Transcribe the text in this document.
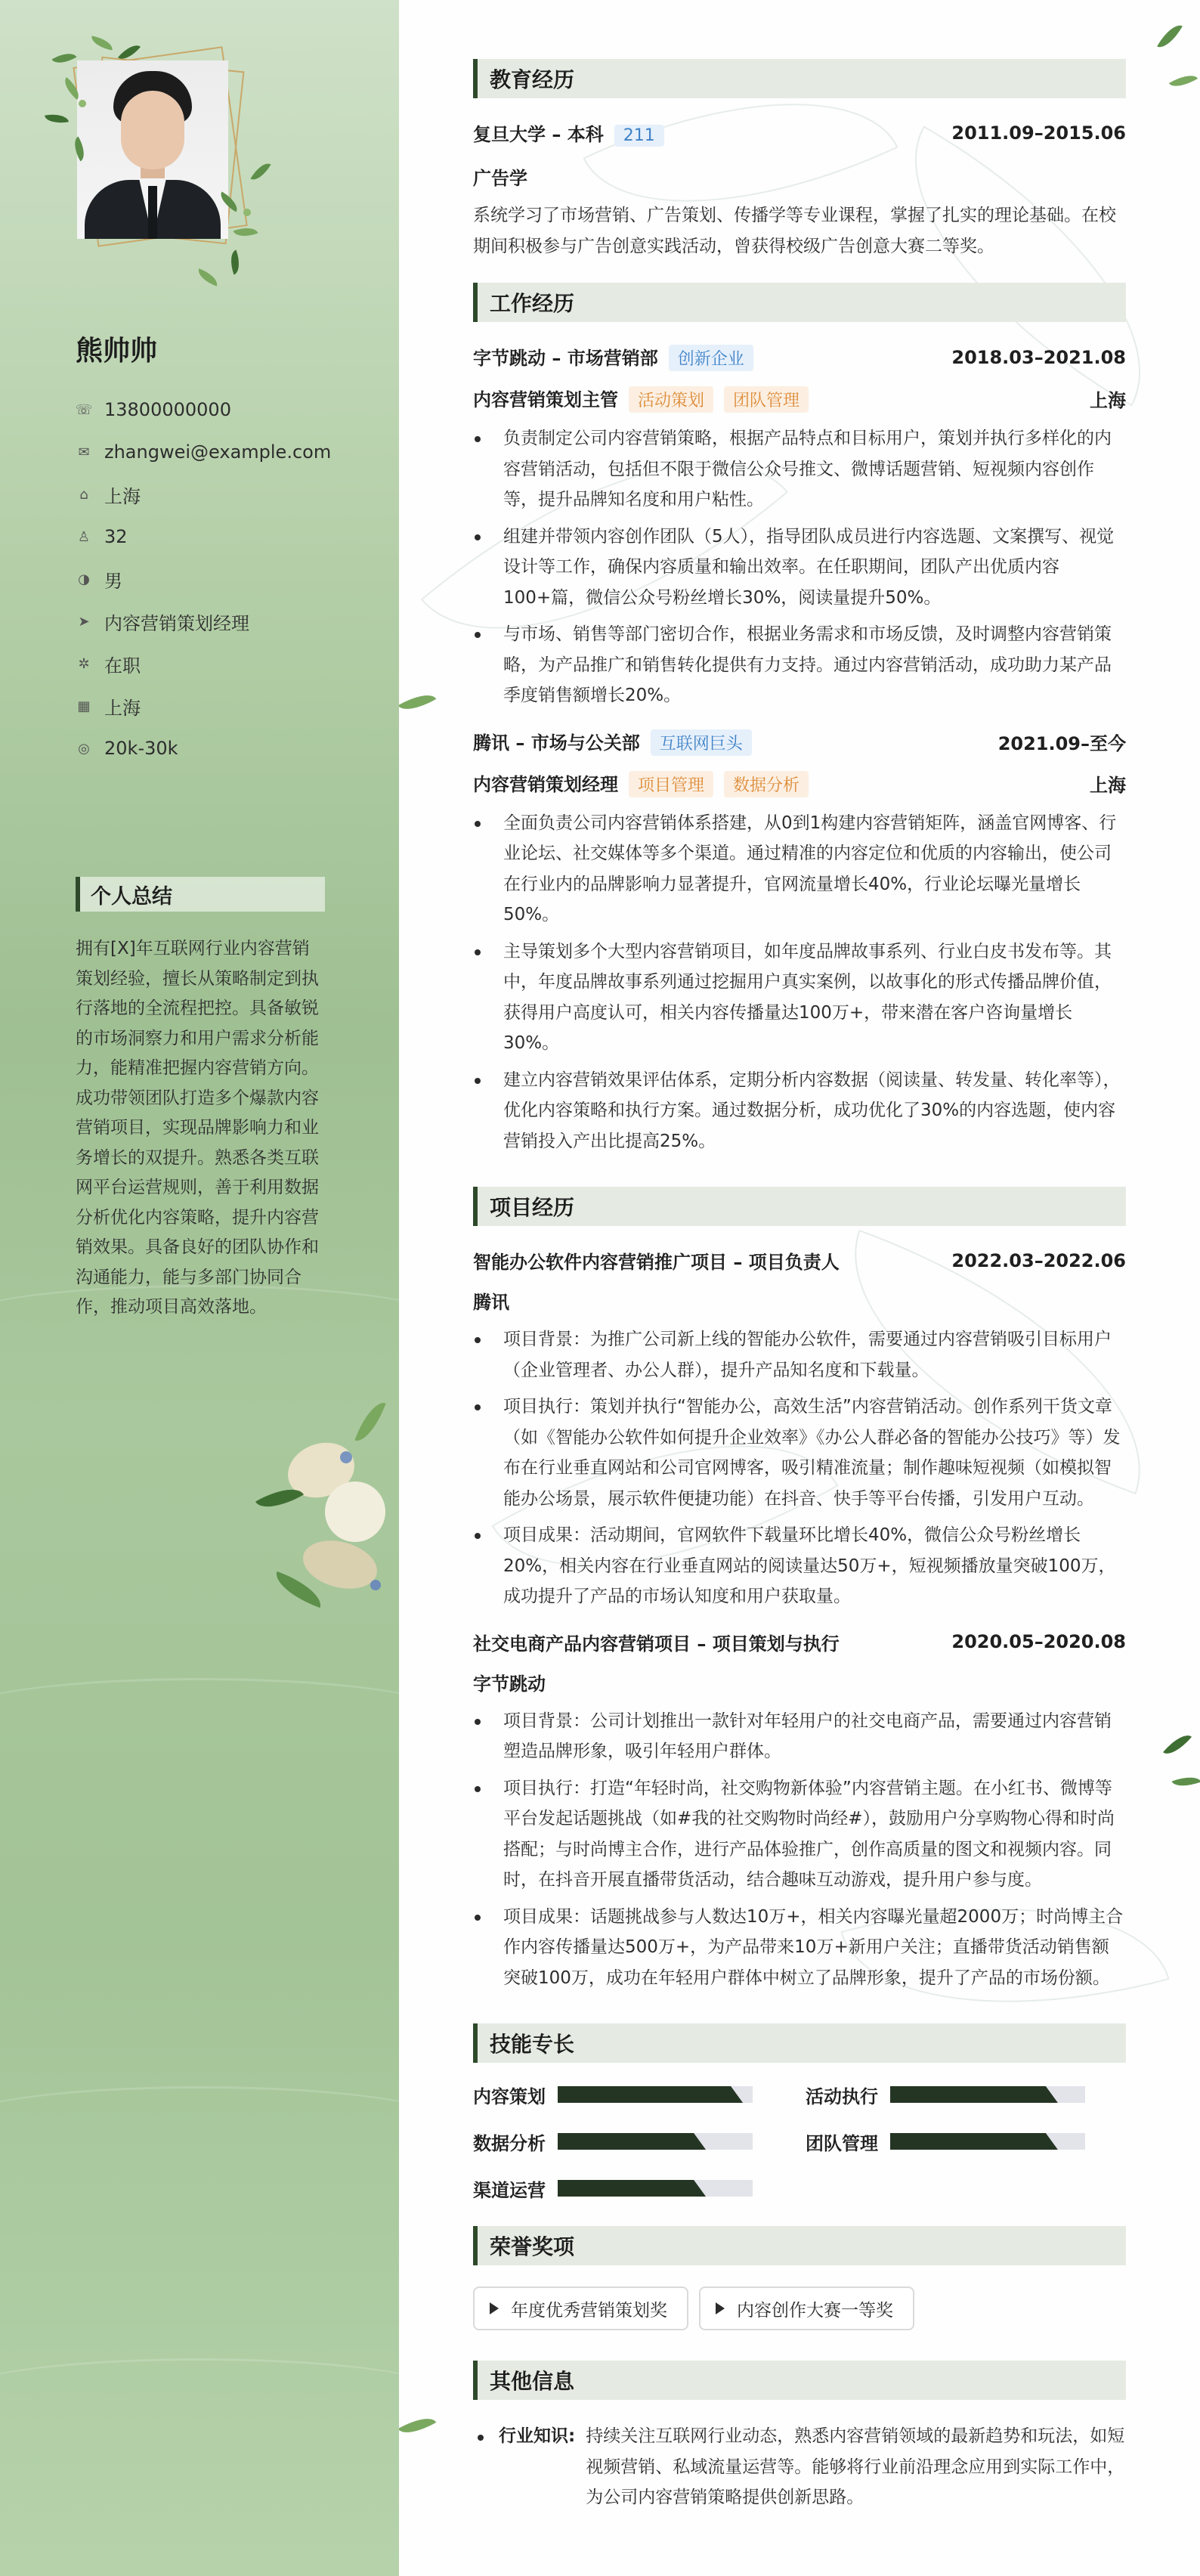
熊帅帅
☏ 13800000000
✉ zhangwei@example.com
⌂ 上海
♙ 32
◑ 男
➤ 内容营销策划经理
✲ 在职
▦ 上海
◎ 20k-30k
个人总结

拥有[X]年互联网行业内容营销策划经验，擅长从策略制定到执行落地的全流程把控。具备敏锐的市场洞察力和用户需求分析能力，能精准把握内容营销方向。成功带领团队打造多个爆款内容营销项目，实现品牌影响力和业务增长的双提升。熟悉各类互联网平台运营规则，善于利用数据分析优化内容策略，提升内容营销效果。具备良好的团队协作和沟通能力，能与多部门协同合作，推动项目高效落地。

教育经历
复旦大学 – 本科 211	2011.09–2015.06
广告学

系统学习了市场营销、广告策划、传播学等专业课程，掌握了扎实的理论基础。在校期间积极参与广告创意实践活动，曾获得校级广告创意大赛二等奖。

工作经历
字节跳动 – 市场营销部 创新企业	2018.03–2021.08
内容营销策划主管 活动策划 团队管理	上海
负责制定公司内容营销策略，根据产品特点和目标用户，策划并执行多样化的内容营销活动，包括但不限于微信公众号推文、微博话题营销、短视频内容创作等，提升品牌知名度和用户粘性。
组建并带领内容创作团队（5人），指导团队成员进行内容选题、文案撰写、视觉设计等工作，确保内容质量和输出效率。在任职期间，团队产出优质内容100+篇，微信公众号粉丝增长30%，阅读量提升50%。
与市场、销售等部门密切合作，根据业务需求和市场反馈，及时调整内容营销策略，为产品推广和销售转化提供有力支持。通过内容营销活动，成功助力某产品季度销售额增长20%。
腾讯 – 市场与公关部 互联网巨头	2021.09–至今
内容营销策划经理 项目管理 数据分析	上海
全面负责公司内容营销体系搭建，从0到1构建内容营销矩阵，涵盖官网博客、行业论坛、社交媒体等多个渠道。通过精准的内容定位和优质的内容输出，使公司在行业内的品牌影响力显著提升，官网流量增长40%，行业论坛曝光量增长50%。
主导策划多个大型内容营销项目，如年度品牌故事系列、行业白皮书发布等。其中，年度品牌故事系列通过挖掘用户真实案例，以故事化的形式传播品牌价值，获得用户高度认可，相关内容传播量达100万+，带来潜在客户咨询量增长30%。
建立内容营销效果评估体系，定期分析内容数据（阅读量、转发量、转化率等），优化内容策略和执行方案。通过数据分析，成功优化了30%的内容选题，使内容营销投入产出比提高25%。
项目经历
智能办公软件内容营销推广项目 – 项目负责人	2022.03–2022.06
腾讯
项目背景：为推广公司新上线的智能办公软件，需要通过内容营销吸引目标用户（企业管理者、办公人群），提升产品知名度和下载量。
项目执行：策划并执行“智能办公，高效生活”内容营销活动。创作系列干货文章（如《智能办公软件如何提升企业效率》《办公人群必备的智能办公技巧》等）发布在行业垂直网站和公司官网博客，吸引精准流量；制作趣味短视频（如模拟智能办公场景，展示软件便捷功能）在抖音、快手等平台传播，引发用户互动。
项目成果：活动期间，官网软件下载量环比增长40%，微信公众号粉丝增长20%，相关内容在行业垂直网站的阅读量达50万+，短视频播放量突破100万，成功提升了产品的市场认知度和用户获取量。
社交电商产品内容营销项目 – 项目策划与执行	2020.05–2020.08
字节跳动
项目背景：公司计划推出一款针对年轻用户的社交电商产品，需要通过内容营销塑造品牌形象，吸引年轻用户群体。
项目执行：打造“年轻时尚，社交购物新体验”内容营销主题。在小红书、微博等平台发起话题挑战（如#我的社交购物时尚经#），鼓励用户分享购物心得和时尚搭配；与时尚博主合作，进行产品体验推广，创作高质量的图文和视频内容。同时，在抖音开展直播带货活动，结合趣味互动游戏，提升用户参与度。
项目成果：话题挑战参与人数达10万+，相关内容曝光量超2000万；时尚博主合作内容传播量达500万+，为产品带来10万+新用户关注；直播带货活动销售额突破100万，成功在年轻用户群体中树立了品牌形象，提升了产品的市场份额。
技能专长
内容策划	活动执行
数据分析	团队管理
渠道运营
荣誉奖项
年度优秀营销策划奖	内容创作大赛一等奖
其他信息
行业知识: 持续关注互联网行业动态，熟悉内容营销领域的最新趋势和玩法，如短视频营销、私域流量运营等。能够将行业前沿理念应用到实际工作中，为公司内容营销策略提供创新思路。
